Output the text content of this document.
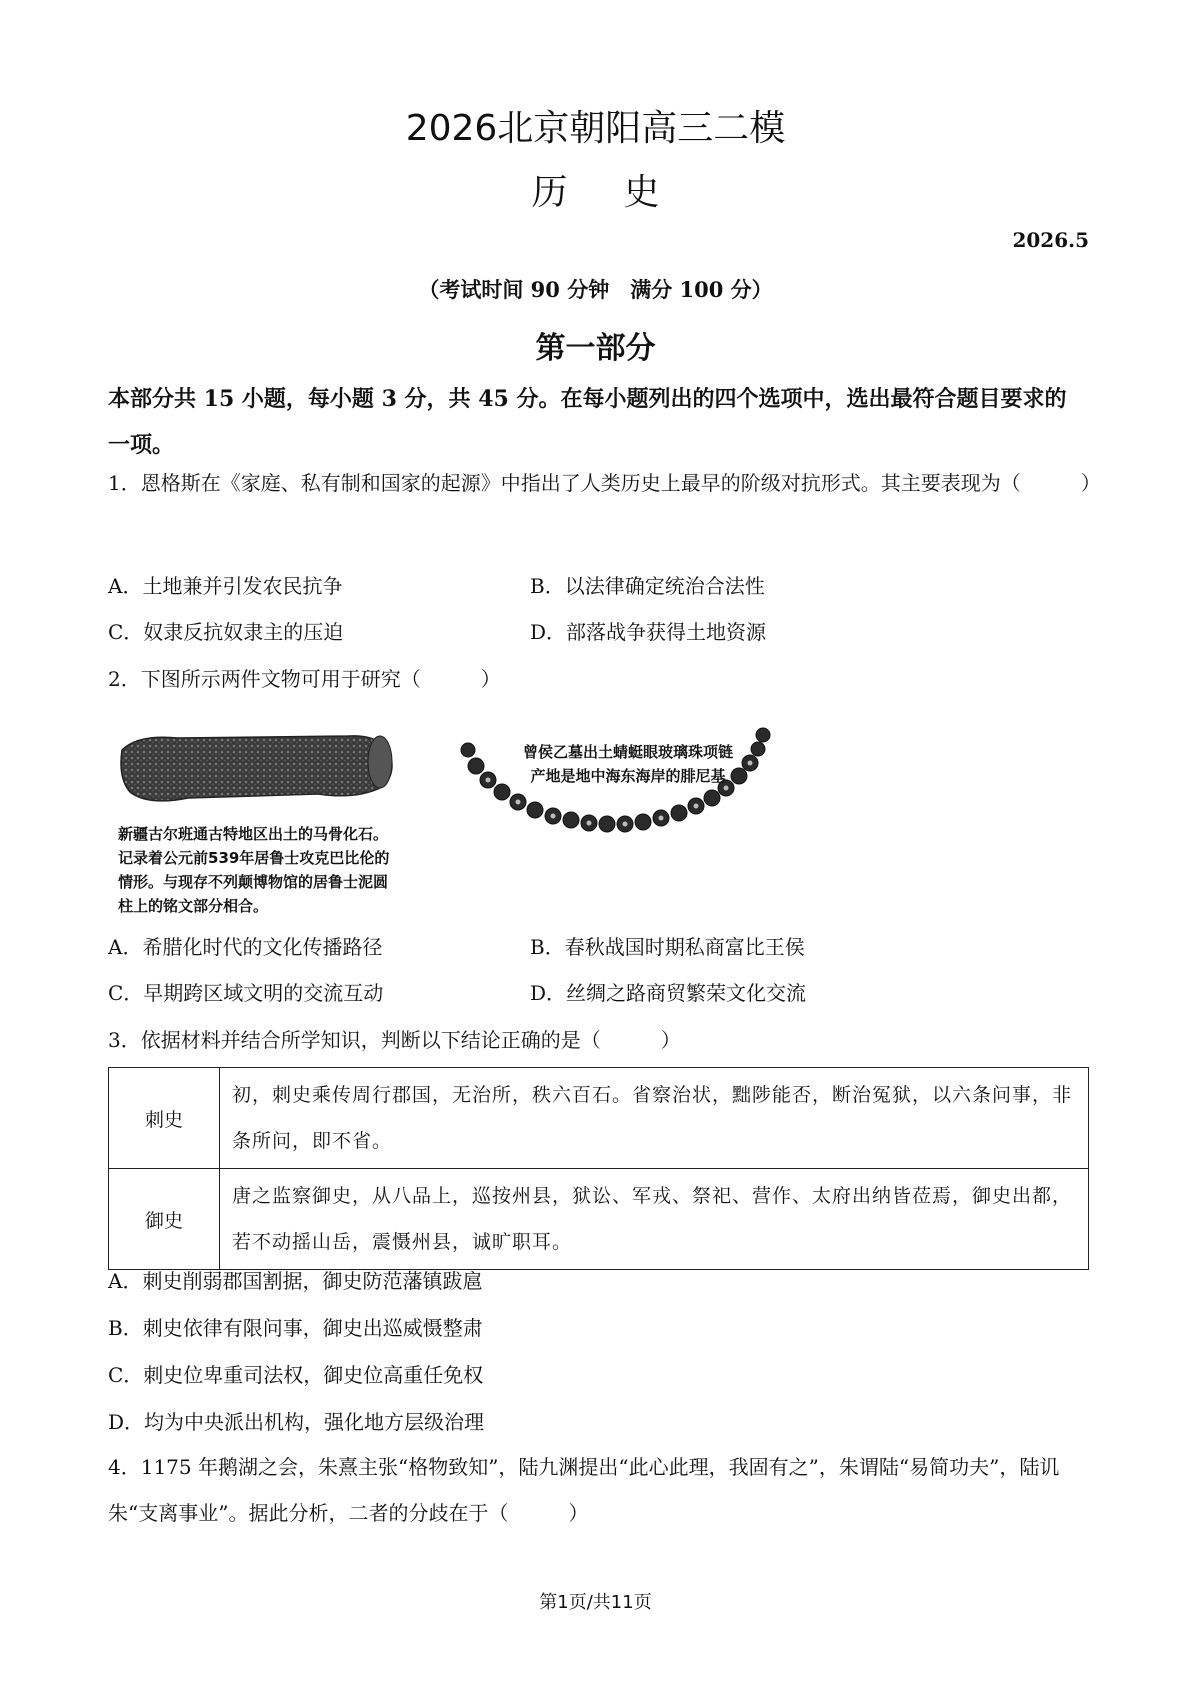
2026北京朝阳高三二模
历史
2026.5
（考试时间 90 分钟　满分 100 分）
第一部分
本部分共 15 小题，每小题 3 分，共 45 分。在每小题列出的四个选项中，选出最符合题目要求的一项。
1．恩格斯在《家庭、私有制和国家的起源》中指出了人类历史上最早的阶级对抗形式。其主要表现为（　　　）
A．土地兼并引发农民抗争	B．以法律确定统治合法性
C．奴隶反抗奴隶主的压迫	D．部落战争获得土地资源
2．下图所示两件文物可用于研究（　　　）
新疆古尔班通古特地区出土的马骨化石。记录着公元前539年居鲁士攻克巴比伦的情形。与现存不列颠博物馆的居鲁士泥圆柱上的铭文部分相合。
曾侯乙墓出土蜻蜓眼玻璃珠项链产地是地中海东海岸的腓尼基
A．希腊化时代的文化传播路径	B．春秋战国时期私商富比王侯
C．早期跨区域文明的交流互动	D．丝绸之路商贸繁荣文化交流
3．依据材料并结合所学知识，判断以下结论正确的是（　　　）
刺史	初，刺史乘传周行郡国，无治所，秩六百石。省察治状，黜陟能否，断治冤狱，以六条问事，非条所问，即不省。
御史	唐之监察御史，从八品上，巡按州县，狱讼、军戎、祭祀、营作、太府出纳皆莅焉，御史出都，若不动摇山岳，震慑州县，诚旷职耳。
A．刺史削弱郡国割据，御史防范藩镇跋扈
B．刺史依律有限问事，御史出巡威慑整肃
C．刺史位卑重司法权，御史位高重任免权
D．均为中央派出机构，强化地方层级治理
4．1175 年鹅湖之会，朱熹主张“格物致知”，陆九渊提出“此心此理，我固有之”，朱谓陆“易简功夫”，陆讥朱“支离事业”。据此分析，二者的分歧在于（　　　）
第1页/共11页
